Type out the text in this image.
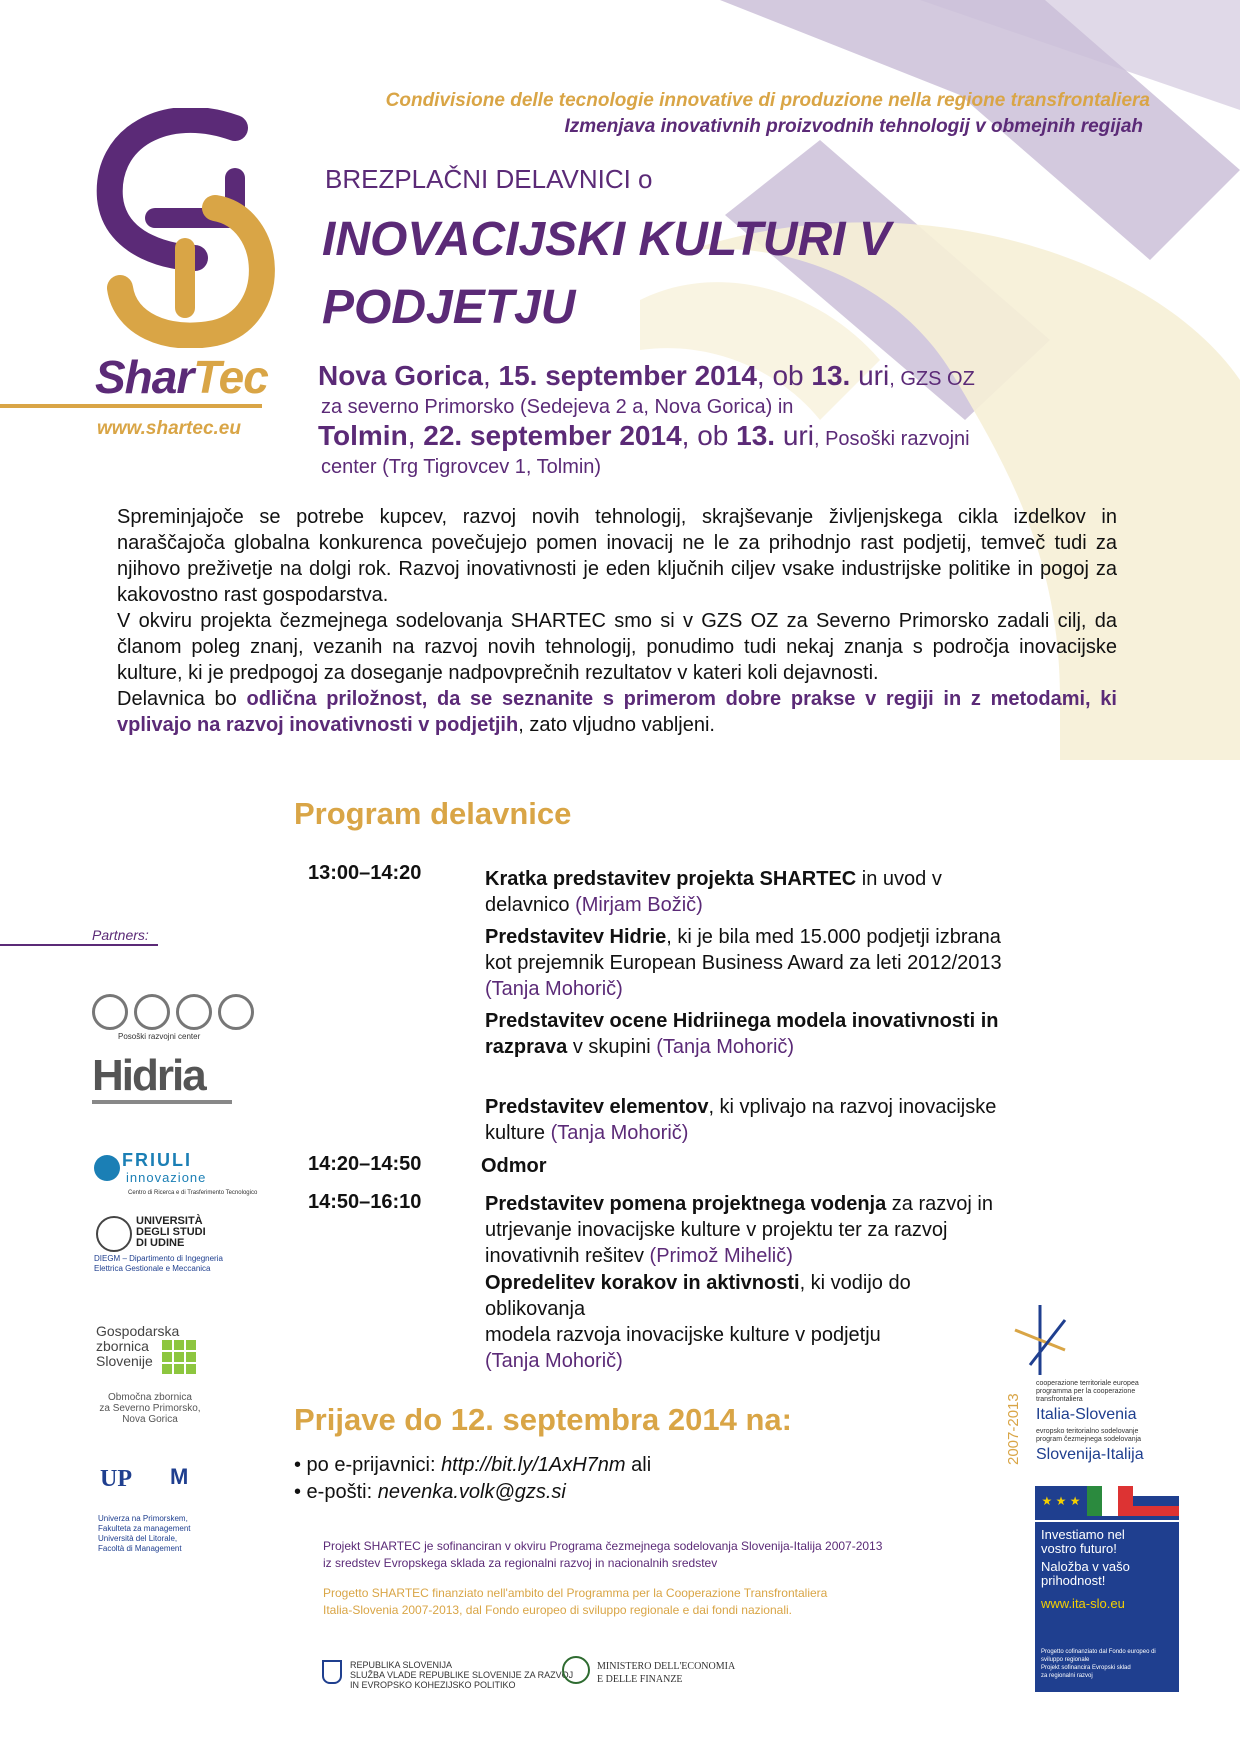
Condivisione delle tecnologie innovative di produzione nella regione transfrontaliera
Izmenjava inovativnih proizvodnih tehnologij v obmejnih regijah
SharTec
www.shartec.eu
BREZPLAČNI DELAVNICI o
INOVACIJSKI KULTURI V
PODJETJU
Nova Gorica, 15. september 2014, ob 13. uri, GZS OZ
za severno Primorsko (Sedejeva 2 a, Nova Gorica) in
Tolmin, 22. september 2014, ob 13. uri, Posoški razvojni
center (Trg Tigrovcev 1, Tolmin)

Spreminjajoče se potrebe kupcev, razvoj novih tehnologij, skrajševanje življenjskega cikla izdelkov in naraščajoča globalna konkurenca povečujejo pomen inovacij ne le za prihodnjo rast podjetij, temveč tudi za njihovo preživetje na dolgi rok. Razvoj inovativnosti je eden ključnih ciljev vsake industrijske politike in pogoj za kakovostno rast gospodarstva.

V okviru projekta čezmejnega sodelovanja SHARTEC smo si v GZS OZ za Severno Primorsko zadali cilj, da članom poleg znanj, vezanih na razvoj novih tehnologij, ponudimo tudi nekaj znanja s področja inovacijske kulture, ki je predpogoj za doseganje nadpovprečnih rezultatov v kateri koli dejavnosti.

Delavnica bo odlična priložnost, da se seznanite s primerom dobre prakse v regiji in z metodami, ki vplivajo na razvoj inovativnosti v podjetjih, zato vljudno vabljeni.

Program delavnice
13:00–14:20	Kratka predstavitev projekta SHARTEC in uvod v delavnico (Mirjam Božič)
Predstavitev Hidrie, ki je bila med 15.000 podjetji izbrana kot prejemnik European Business Award za leti 2012/2013 (Tanja Mohorič)
Predstavitev ocene Hidriinega modela inovativnosti in razprava v skupini (Tanja Mohorič)
Predstavitev elementov, ki vplivajo na razvoj inovacijske kulture (Tanja Mohorič)
14:20–14:50	Odmor
14:50–16:10	Predstavitev pomena projektnega vodenja za razvoj in utrjevanje inovacijske kulture v projektu ter za razvoj inovativnih rešitev (Primož Mihelič)
Opredelitev korakov in aktivnosti, ki vodijo do oblikovanja
modela razvoja inovacijske kulture v podjetju
(Tanja Mohorič)
Prijave do 12. septembra 2014 na:
• po e-prijavnici: http://bit.ly/1AxH7nm ali
• e-pošti: nevenka.volk@gzs.si
Projekt SHARTEC je sofinanciran v okviru Programa čezmejnega sodelovanja Slovenija-Italija 2007-2013
iz sredstev Evropskega sklada za regionalni razvoj in nacionalnih sredstev
Progetto SHARTEC finanziato nell'ambito del Programma per la Cooperazione Transfrontaliera
Italia-Slovenia 2007-2013, dal Fondo europeo di sviluppo regionale e dai fondi nazionali.
REPUBLIKA SLOVENIJA
SLUŽBA VLADE REPUBLIKE SLOVENIJE ZA RAZVOJ
IN EVROPSKO KOHEZIJSKO POLITIKO
MINISTERO DELL'ECONOMIA
E DELLE FINANZE
Partners:
Posoški razvojni center
Hidria
FRIULI
innovazione
Centro di Ricerca e di Trasferimento Tecnologico
UNIVERSITÀ
DEGLI STUDI
DI UDINE
DIEGM – Dipartimento di Ingegneria
Elettrica Gestionale e Meccanica
Gospodarska
zbornica
Slovenije
Območna zbornica
za Severno Primorsko,
Nova Gorica
UP M
Univerza na Primorskem,
Fakulteta za management
Università del Litorale,
Facoltà di Management
2007-2013
cooperazione territoriale europea
programma per la cooperazione
transfrontaliera
Italia-Slovenia
evropsko teritorialno sodelovanje
program čezmejnega sodelovanja
Slovenija-Italija
★ ★ ★
Investiamo nel
vostro futuro!
Naložba v vašo
prihodnost!
www.ita-slo.eu
Progetto cofinanziato dal Fondo europeo di
sviluppo regionale
Projekt sofinancira Evropski sklad
za regionalni razvoj
